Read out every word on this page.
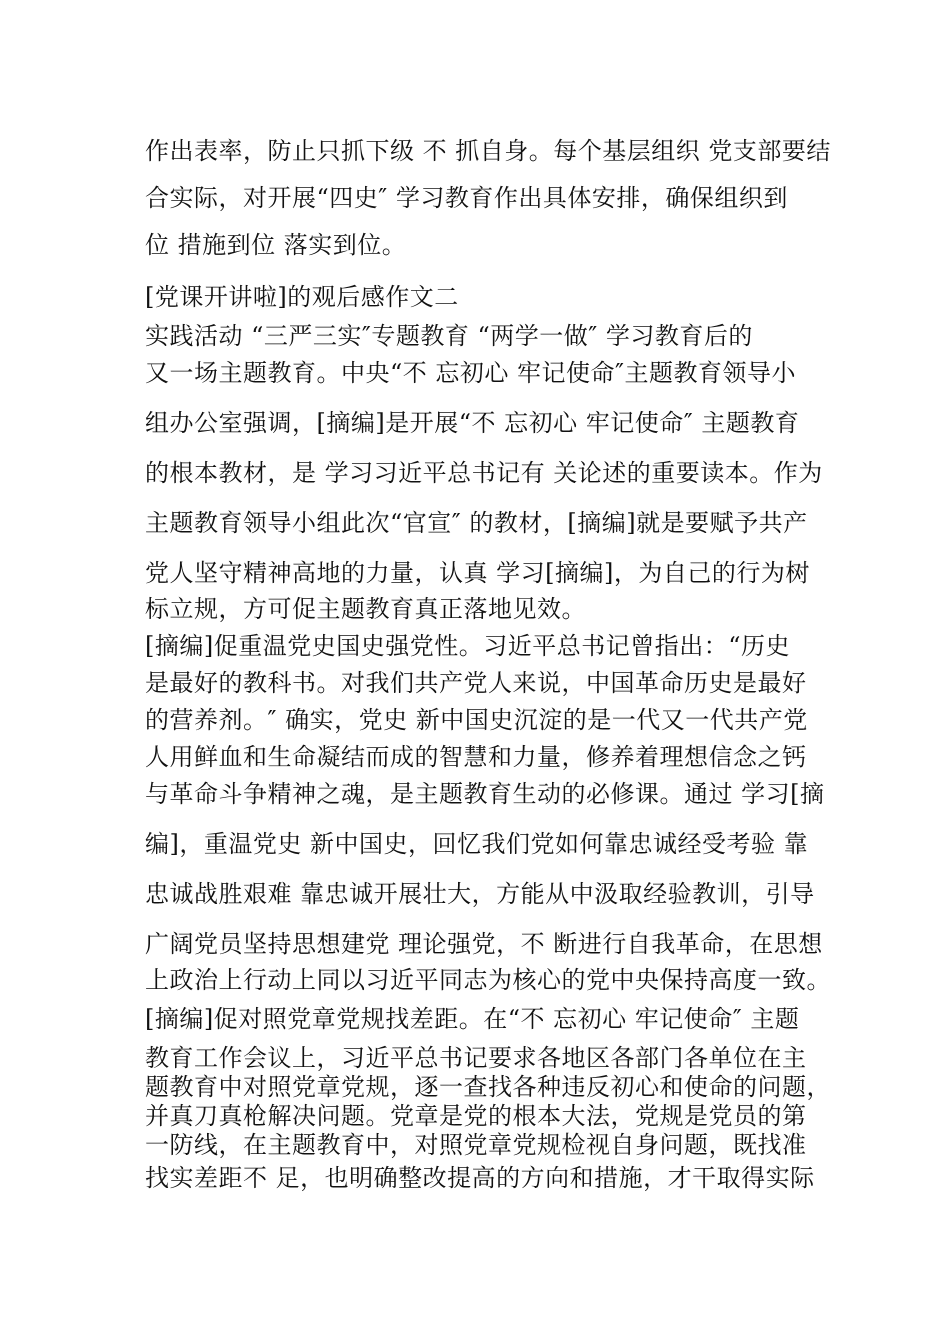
作出表率，防止只抓下级 不 抓自身。每个基层组织 党支部要结
合实际，对开展“四史″ 学习教育作出具体安排，确保组织到
位 措施到位 落实到位。
[党课开讲啦]的观后感作文二
实践活动 “三严三实″专题教育 “两学一做″ 学习教育后的
又一场主题教育。中央“不 忘初心 牢记使命″主题教育领导小
组办公室强调，[摘编]是开展“不 忘初心 牢记使命″ 主题教育
的根本教材，是 学习习近平总书记有 关论述的重要读本。作为
主题教育领导小组此次“官宣″ 的教材，[摘编]就是要赋予共产
党人坚守精神高地的力量，认真 学习[摘编]，为自己的行为树
标立规，方可促主题教育真正落地见效。
[摘编]促重温党史国史强党性。习近平总书记曾指出：“历史
是最好的教科书。对我们共产党人来说，中国革命历史是最好
的营养剂。″ 确实，党史 新中国史沉淀的是一代又一代共产党
人用鲜血和生命凝结而成的智慧和力量，修养着理想信念之钙
与革命斗争精神之魂，是主题教育生动的必修课。通过 学习[摘
编]，重温党史 新中国史，回忆我们党如何靠忠诚经受考验 靠
忠诚战胜艰难 靠忠诚开展壮大，方能从中汲取经验教训，引导
广阔党员坚持思想建党 理论强党，不 断进行自我革命，在思想
上政治上行动上同以习近平同志为核心的党中央保持高度一致。
[摘编]促对照党章党规找差距。在“不 忘初心 牢记使命″ 主题
教育工作会议上，习近平总书记要求各地区各部门各单位在主
题教育中对照党章党规，逐一查找各种违反初心和使命的问题，
并真刀真枪解决问题。党章是党的根本大法，党规是党员的第
一防线，在主题教育中，对照党章党规检视自身问题，既找准
找实差距不 足，也明确整改提高的方向和措施，才干取得实际
